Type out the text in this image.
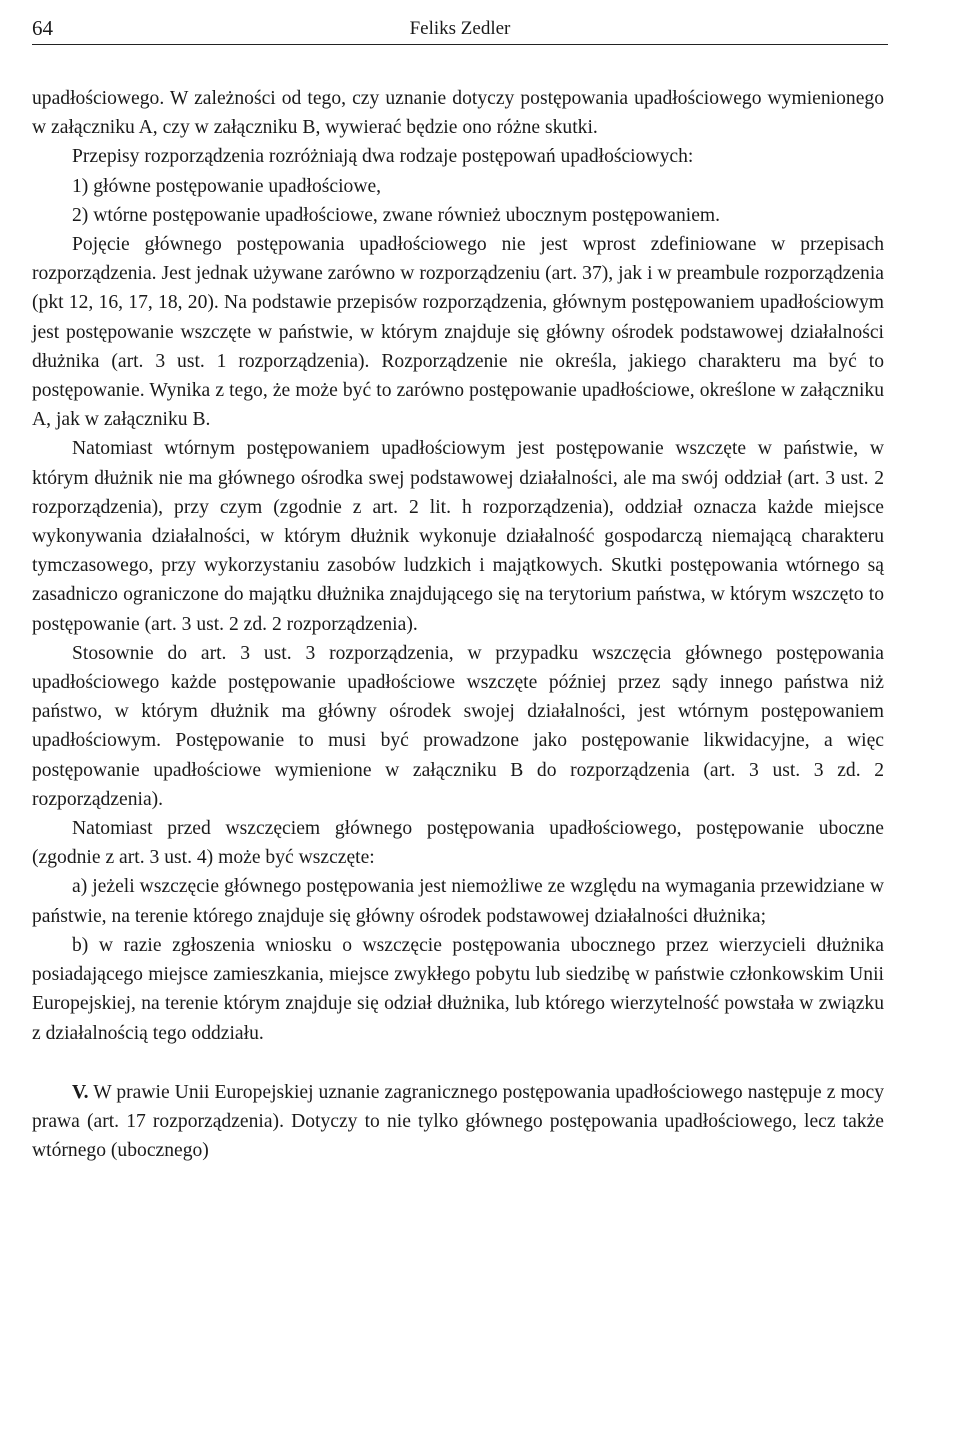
64	Feliks Zedler

upadłościowego. W zależności od tego, czy uznanie dotyczy postępowania upadłościowego wymienionego w załączniku A, czy w załączniku B, wywierać będzie ono różne skutki.

Przepisy rozporządzenia rozróżniają dwa rodzaje postępowań upadłościowych:

1) główne postępowanie upadłościowe,

2) wtórne postępowanie upadłościowe, zwane również ubocznym postępowaniem.

Pojęcie głównego postępowania upadłościowego nie jest wprost zdefiniowane w przepisach rozporządzenia. Jest jednak używane zarówno w rozporządzeniu (art. 37), jak i w preambule rozporządzenia (pkt 12, 16, 17, 18, 20). Na podstawie przepisów rozporządzenia, głównym postępowaniem upadłościowym jest postępowanie wszczęte w państwie, w którym znajduje się główny ośrodek podstawowej działalności dłużnika (art. 3 ust. 1 rozporządzenia). Rozporządzenie nie określa, jakiego charakteru ma być to postępowanie. Wynika z tego, że może być to zarówno postępowanie upadłościowe, określone w załączniku A, jak w załączniku B.

Natomiast wtórnym postępowaniem upadłościowym jest postępowanie wszczęte w państwie, w którym dłużnik nie ma głównego ośrodka swej podstawowej działalności, ale ma swój oddział (art. 3 ust. 2 rozporządzenia), przy czym (zgodnie z art. 2 lit. h rozporządzenia), oddział oznacza każde miejsce wykonywania działalności, w którym dłużnik wykonuje działalność gospodarczą niemającą charakteru tymczasowego, przy wykorzystaniu zasobów ludzkich i majątkowych. Skutki postępowania wtórnego są zasadniczo ograniczone do majątku dłużnika znajdującego się na terytorium państwa, w którym wszczęto to postępowanie (art. 3 ust. 2 zd. 2 rozporządzenia).

Stosownie do art. 3 ust. 3 rozporządzenia, w przypadku wszczęcia głównego postępowania upadłościowego każde postępowanie upadłościowe wszczęte później przez sądy innego państwa niż państwo, w którym dłużnik ma główny ośrodek swojej działalności, jest wtórnym postępowaniem upadłościowym. Postępowanie to musi być prowadzone jako postępowanie likwidacyjne, a więc postępowanie upadłościowe wymienione w załączniku B do rozporządzenia (art. 3 ust. 3 zd. 2 rozporządzenia).

Natomiast przed wszczęciem głównego postępowania upadłościowego, postępowanie uboczne (zgodnie z art. 3 ust. 4) może być wszczęte:

a) jeżeli wszczęcie głównego postępowania jest niemożliwe ze względu na wymagania przewidziane w państwie, na terenie którego znajduje się główny ośrodek podstawowej działalności dłużnika;

b) w razie zgłoszenia wniosku o wszczęcie postępowania ubocznego przez wierzycieli dłużnika posiadającego miejsce zamieszkania, miejsce zwykłego pobytu lub siedzibę w państwie członkowskim Unii Europejskiej, na terenie którym znajduje się odział dłużnika, lub którego wierzytelność powstała w związku z działalnością tego oddziału.

V. W prawie Unii Europejskiej uznanie zagranicznego postępowania upadłościowego następuje z mocy prawa (art. 17 rozporządzenia). Dotyczy to nie tylko głównego postępowania upadłościowego, lecz także wtórnego (ubocznego)
